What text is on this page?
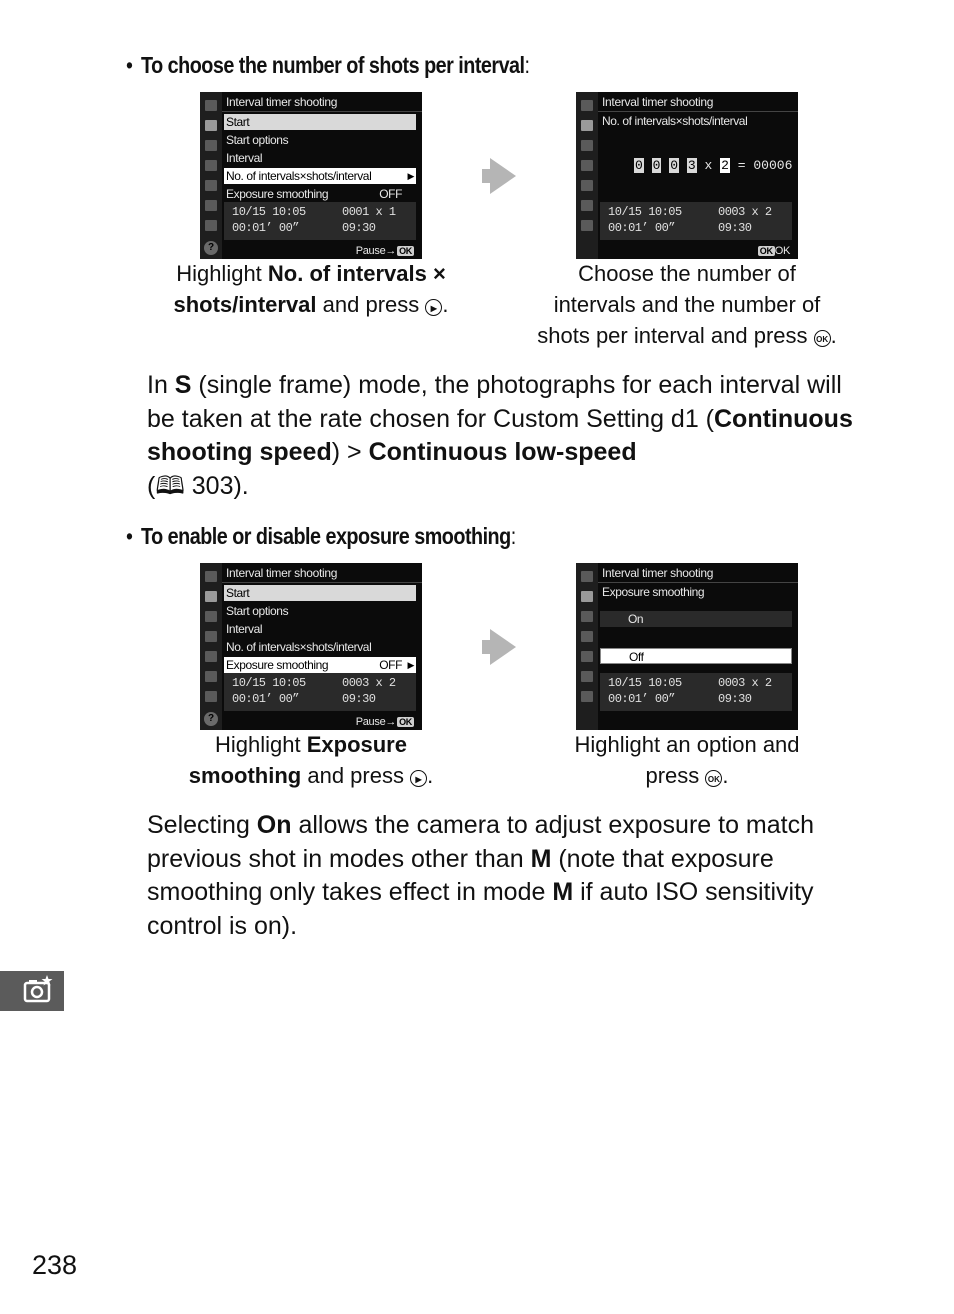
• To choose the number of shots per interval:
?
Interval timer shooting
Start
Start options
Interval
No. of intervals×shots/interval	▶
Exposure smoothing	OFF
10/15 10:05	0001 x 1
00:01’ 00”	09:30
Pause→ OK
Interval timer shooting
No. of intervals×shots/interval
0 0 0 3 x 2 = 00006
10/15 10:05	0003 x 2
00:01’ 00”	09:30
OK OK
Highlight No. of intervals ×
shots/interval and press ▶ .
Choose the number of
intervals and the number of
shots per interval and press OK .
In S (single frame) mode, the photographs for each interval will be taken at the rate chosen for Custom Setting d1 (Continuous shooting speed) > Continuous low-speed
(🕮 303).
• To enable or disable exposure smoothing:
?
Interval timer shooting
Start
Start options
Interval
No. of intervals×shots/interval
Exposure smoothing	OFF ▶
10/15 10:05	0003 x 2
00:01’ 00”	09:30
Pause→ OK
Interval timer shooting
Exposure smoothing
On
Off
10/15 10:05	0003 x 2
00:01’ 00”	09:30
Highlight Exposure
smoothing and press ▶ .
Highlight an option and
press OK .
Selecting On allows the camera to adjust exposure to match previous shot in modes other than M (note that exposure smoothing only takes effect in mode M if auto ISO sensitivity control is on).
238
